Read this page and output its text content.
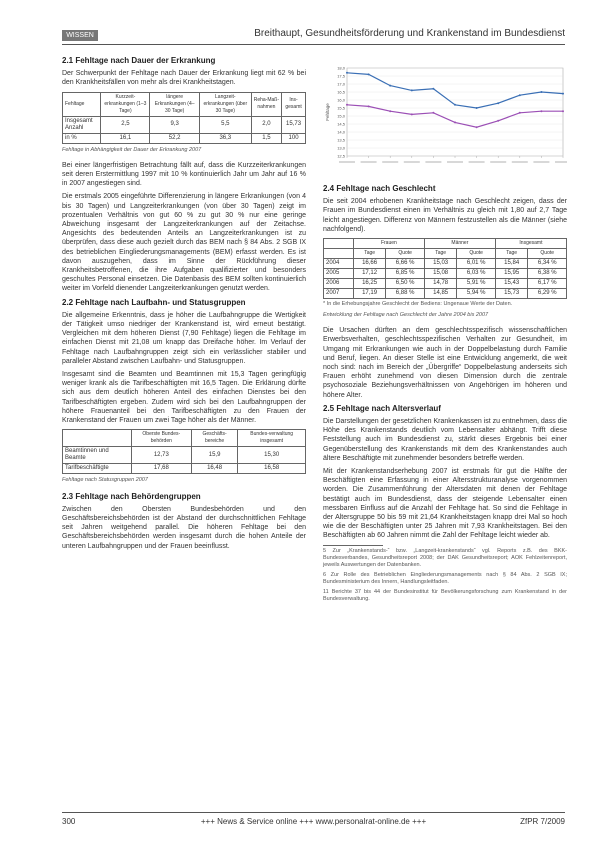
WISSEN	Breithaupt, Gesundheitsförderung und Krankenstand im Bundesdienst
2.1 Fehltage nach Dauer der Erkrankung

Der Schwerpunkt der Fehltage nach Dauer der Erkrankung liegt mit 62 % bei den Krankheitsfällen von mehr als drei Krankheitstagen.

Fehltage	Kurzzeit-erkrankungen (1–3 Tage)	längere Erkrankungen (4–30 Tage)	Langzeit-erkrankungen (über 30 Tage)	Reha-Maß-nahmen	Ins-gesamt
Insgesamt Anzahl	2,5	9,3	5,5	2,0	15,73
in %	16,1	52,2	36,3	1,5	100
Fehltage in Abhängigkeit der Dauer der Erkrankung 2007

Bei einer längerfristigen Betrachtung fällt auf, dass die Kurzzeiterkrankungen seit deren Erstermittlung 1997 mit 10 % kontinuierlich Jahr um Jahr auf 16 % in 2007 angestiegen sind.

Die erstmals 2005 eingeführte Differenzierung in längere Erkrankungen (von 4 bis 30 Tagen) und Langzeiterkrankungen (von über 30 Tagen) zeigt im prozentualen Verhältnis von gut 60 % zu gut 30 % nur eine geringe Abweichung insgesamt der Langzeiterkrankungen auf der Zeitachse. Angesichts des bedeutenden Anteils an Langzeiterkrankungen ist zu überprüfen, dass diese auch gezielt durch das BEM nach § 84 Abs. 2 SGB IX des betrieblichen Eingliederungsmanagements (BEM) erfasst werden. Es ist davon auszugehen, dass im Sinne der Rückführung dieser Krankheitsbetroffenen, die ihre Aufgaben qualifizierter und besonders geschultes Personal einsetzen. Die Datenbasis des BEM sollten kontinuierlich weiter im Vorfeld dienender Langzeiterkrankungen genutzt werden.

2.2 Fehltage nach Laufbahn- und Statusgruppen

Die allgemeine Erkenntnis, dass je höher die Laufbahngruppe die Wertigkeit der Tätigkeit umso niedriger der Krankenstand ist, wird erneut bestätigt. Vergleichen mit dem höheren Dienst (7,90 Fehltage) liegen die Fehltage im einfachen Dienst mit 21,08 um knapp das Dreifache höher. Im Verlauf der Fehltage nach Laufbahngruppen zeigt sich ein verlässlicher stabiler und paralleler Abstand zwischen Laufbahn- und Statusgruppen.

Insgesamt sind die Beamten und Beamtinnen mit 15,3 Tagen geringfügig weniger krank als die Tarifbeschäftigten mit 16,5 Tagen. Die Erklärung dürfte sich aus dem deutlich höheren Anteil des einfachen Dienstes bei den Tarifbeschäftigten ergeben. Zudem wird sich bei den Laufbahngruppen der höhere Frauenanteil bei den Tarifbeschäftigten zu den Frauen der Krankenstand der Frauen um zwei Tage höher als der Männer.

	Oberste Bundes-behörden	Geschäfts-bereiche	Bundes-verwaltung insgesamt
Beamtinnen und Beamte	12,73	15,9	15,30
Tarifbeschäftigte	17,68	16,48	16,58
Fehltage nach Statusgruppen 2007
2.3 Fehltage nach Behördengruppen

Zwischen den Obersten Bundesbehörden und den Geschäftsbereichsbehörden ist der Abstand der durchschnittlichen Fehltage seit Jahren weitgehend parallel. Die höheren Fehltage bei den Geschäftsbereichsbehörden werden insgesamt durch die hohen Anteile der unteren Laufbahngruppen und der Frauen beeinflusst.

18,0
17,5
17,0
16,5
16,0
15,5
15,0
14,5
14,0
13,5
13,0
12,5
Fehltage
2.4 Fehltage nach Geschlecht

Die seit 2004 erhobenen Krankheitstage nach Geschlecht zeigen, dass der Frauen im Bundesdienst einen im Verhältnis zu gleich mit 1,80 auf 2,7 Tage leicht angestiegen. Differenz von Männern festzustellen als die Männer (siehe nachfolgend).

	Frauen		Männer		Insgesamt	
	Tage	Quote	Tage	Quote	Tage	Quote
2004	16,66	6,66 %	15,03	6,01 %	15,84	6,34 %
2005	17,12	6,85 %	15,08	6,03 %	15,95	6,38 %
2006	16,25	6,50 %	14,78	5,91 %	15,43	6,17 %
2007	17,19	6,88 %	14,85	5,94 %	15,73	6,29 %
* In die Erhebungsjahre Geschlecht der Bediens: Ungenaue Werte der Daten.
Entwicklung der Fehltage nach Geschlecht der Jahre 2004 bis 2007

Die Ursachen dürften an dem geschlechtsspezifisch wissenschaftlichen Erwerbsverhalten, geschlechtsspezifischen Verhalten zur Gesundheit, im Umgang mit Erkrankungen wie auch in der Doppelbelastung durch Familie und Beruf, liegen. An dieser Stelle ist eine Entwicklung angemerkt, die weit noch sind: nach im Bereich der „Übergriffe“ Doppelbelastung anderseits sich Frauen erhöht zunehmend von diesen Dimension durch die zentrale psychosoziale Beziehungsverhältnissen von Angehörigen im höheren und höhere Alter.

2.5 Fehltage nach Altersverlauf

Die Darstellungen der gesetzlichen Krankenkassen ist zu entnehmen, dass die Höhe des Krankenstands deutlich vom Lebensalter abhängt. Trifft diese Feststellung auch im Bundesdienst zu, stärkt dieses Ergebnis bei einer Gegenüberstellung des Krankenstands mit dem des Krankenstandes auch ältere Beschäftigte mit zunehmender besonders betreffe werden.

Mit der Krankenstandserhebung 2007 ist erstmals für gut die Hälfte der Beschäftigten eine Erfassung in einer Altersstrukturanalyse vorgenommen worden. Die Zusammenführung der Altersdaten mit denen der Fehltage bestätigt auch im Bundesdienst, dass der steigende Lebensalter einen messbaren Einfluss auf die Anzahl der Fehltage hat. So sind die Fehltage in der Altersgruppe 50 bis 59 mit 21,64 Krankheitstagen knapp drei Mal so hoch wie die der Beschäftigten unter 25 Jahren mit 7,93 Krankheitstagen. Bei den Beschäftigten ab 60 Jahren nimmt die Zahl der Fehltage leicht wieder ab.

5 Zur „Krankenstands-“ bzw. „Langzeit-krankenstands“ vgl. Reports z.B. des BKK-Bundesverbandes, Gesundheitsreport 2008; der DAK Gesundheitsreport; AOK Fehlzeitenreport, jeweils Auswertungen der Datenbanken.
6 Zur Rolle des Betrieblichen Eingliederungsmanagements nach § 84 Abs. 2 SGB IX; Bundesministerium des Innern, Handlungsleitfaden.
11 Berichte 37 bis 44 der Bundesinstitut für Bevölkerungsforschung zum Krankenstand in der Bundesverwaltung.
300	+++ News & Service online +++ www.personalrat-online.de +++	ZfPR 7/2009
